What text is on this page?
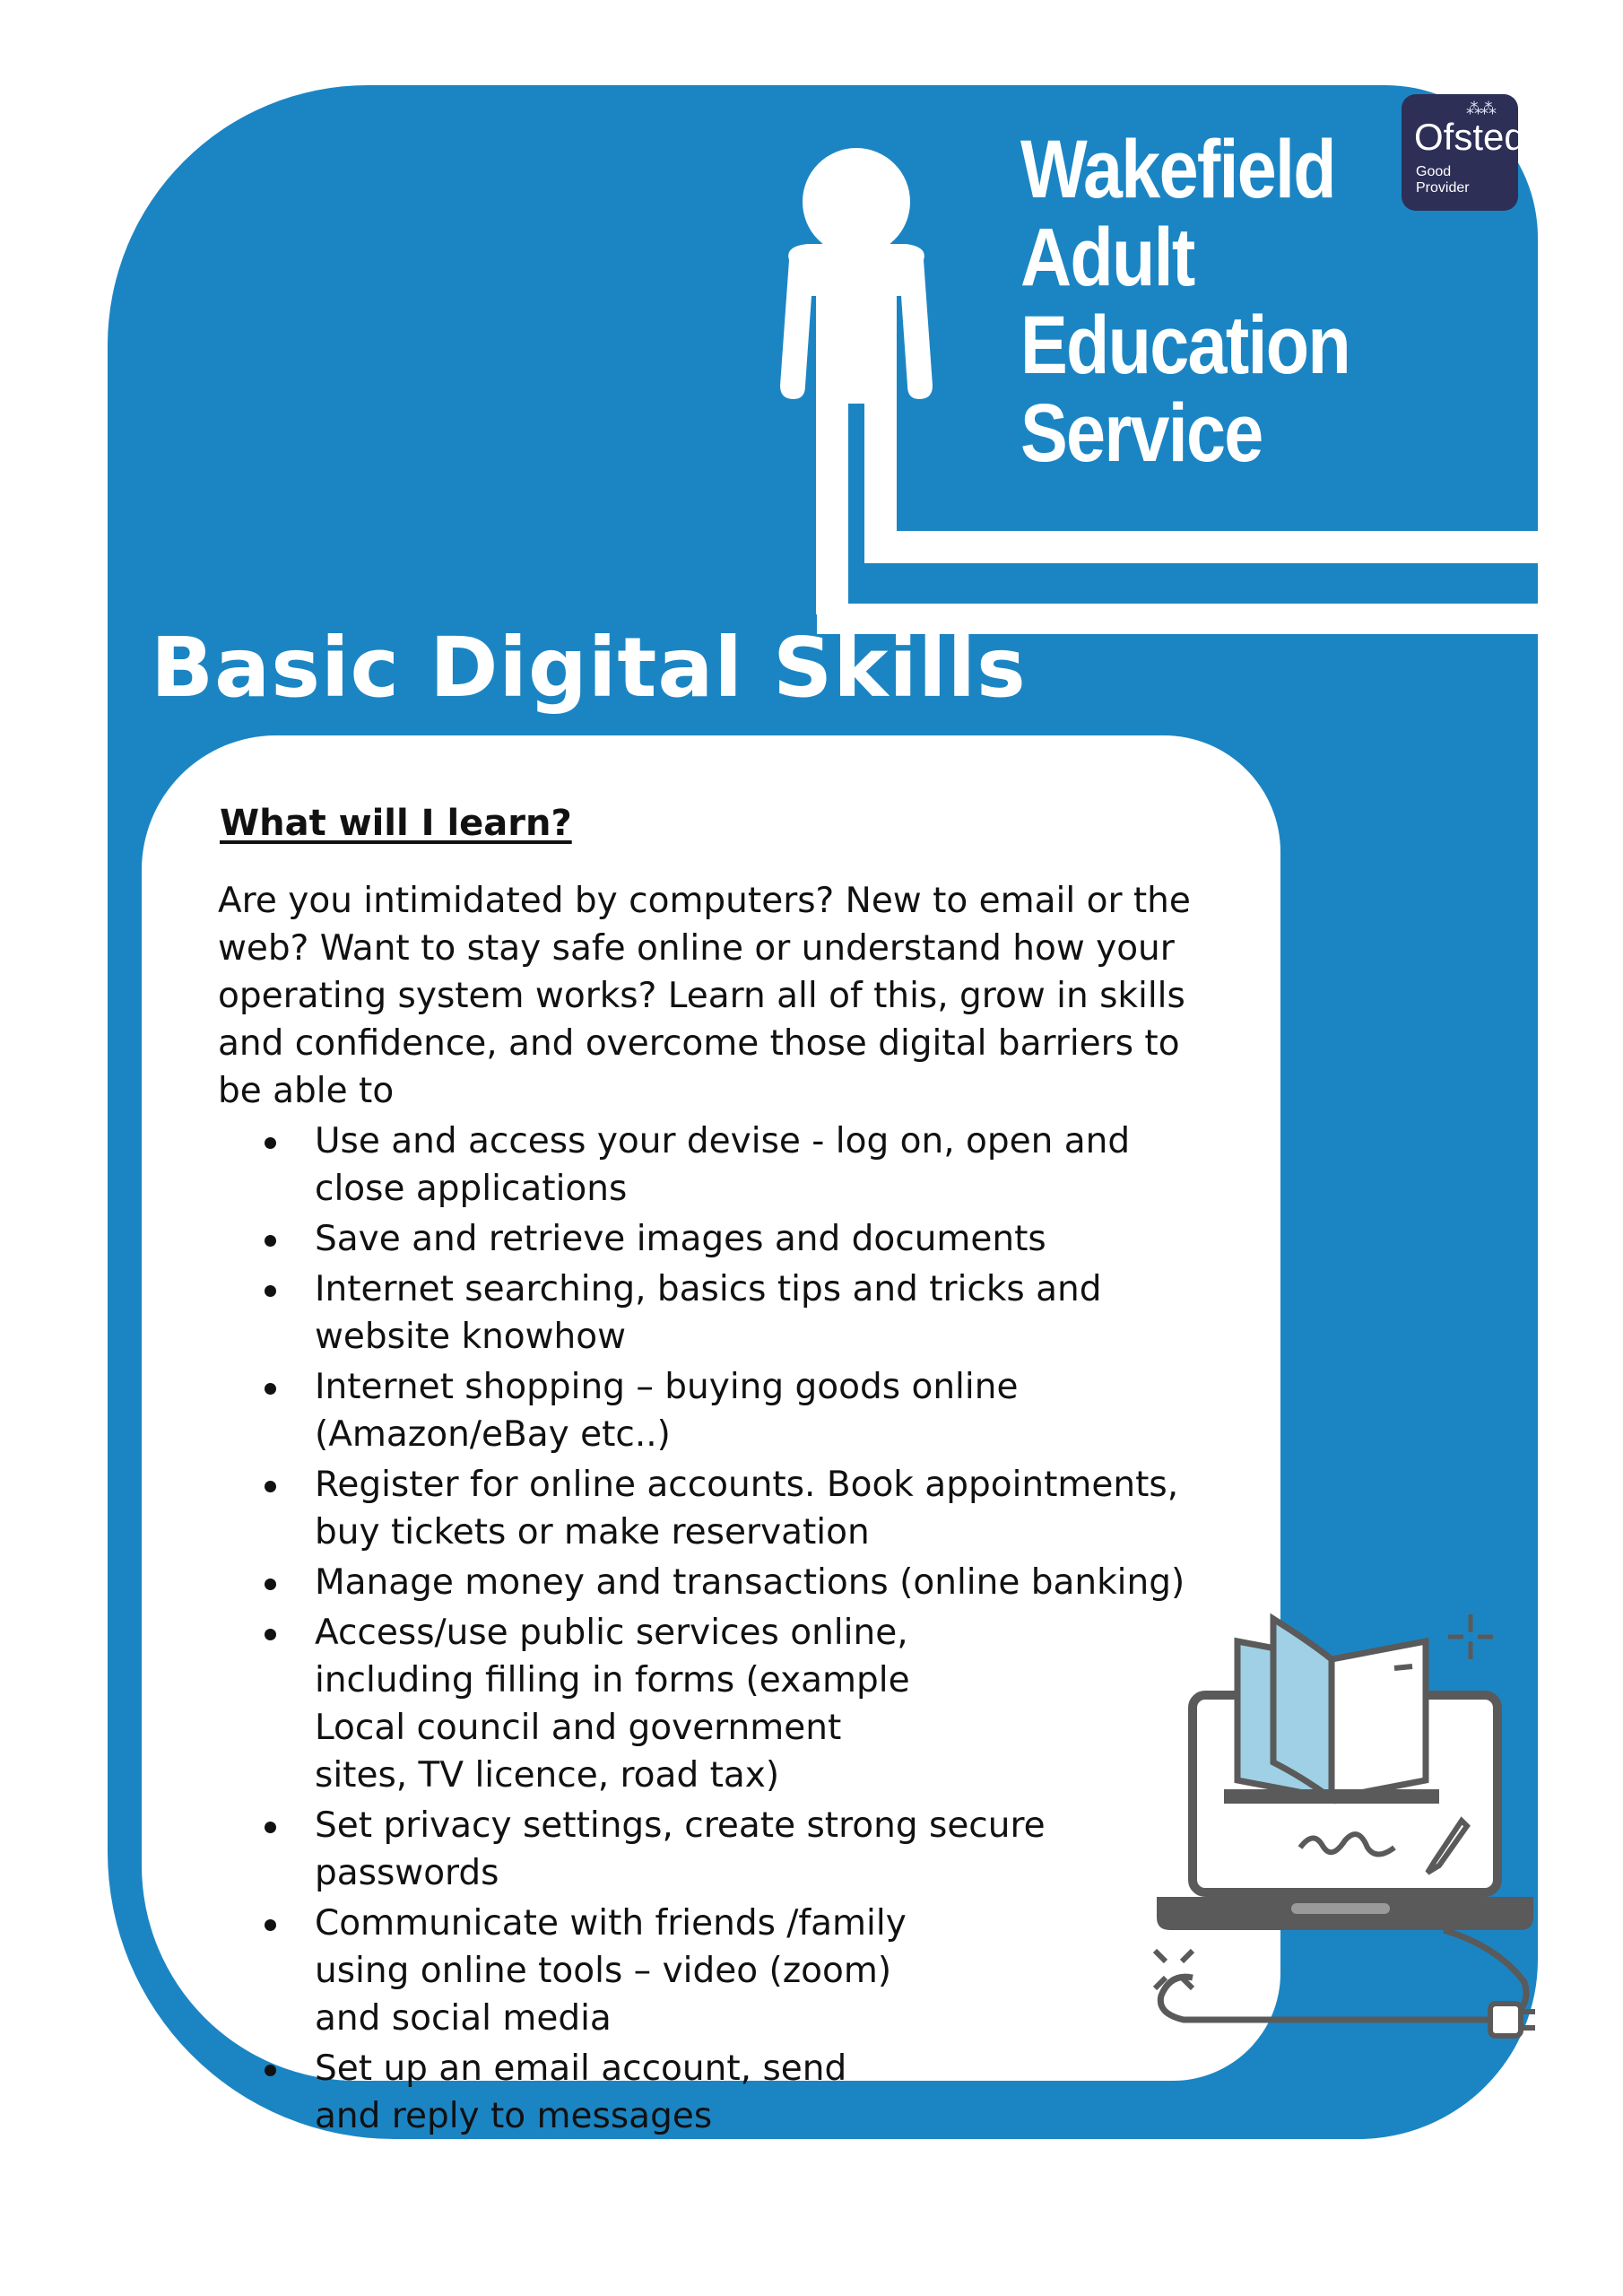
Wakefield
Adult
Education
Service
⁂⁂
Ofsted
Good
Provider
Basic Digital Skills
What will I learn?
Are you intimidated by computers? New to email or the web? Want to stay safe online or understand how your operating system works? Learn all of this, grow in skills and confidence, and overcome those digital barriers to be able to
Use and access your devise - log on, open and close applications
Save and retrieve images and documents
Internet searching, basics tips and tricks and website knowhow
Internet shopping – buying goods online (Amazon/eBay etc..)
Register for online accounts. Book appointments, buy tickets or make reservation
Manage money and transactions (online banking)
Access/use public services online, including filling in forms (example Local council and government sites, TV licence, road tax)
Set privacy settings, create strong secure passwords
Communicate with friends /family using online tools – video (zoom) and social media
Set up an email account, send and reply to messages
